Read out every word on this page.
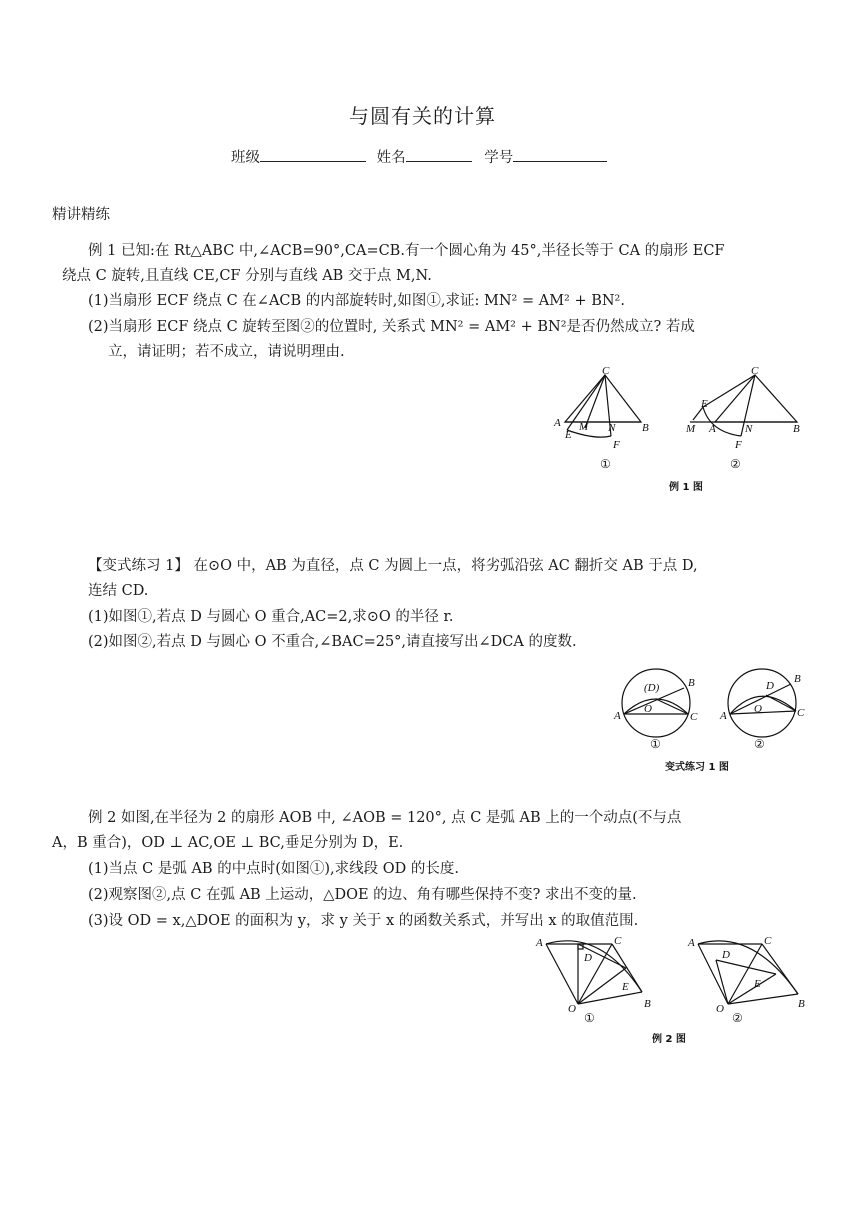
与圆有关的计算
班级	姓名	学号
精讲精练
例 1 已知:在 Rt△ABC 中,∠ACB=90°,CA=CB.有一个圆心角为 45°,半径长等于 CA 的扇形 ECF
绕点 C 旋转,且直线 CE,CF 分别与直线 AB 交于点 M,N.
(1)当扇形 ECF 绕点 C 在∠ACB 的内部旋转时,如图①,求证: MN² = AM² + BN².
(2)当扇形 ECF 绕点 C 旋转至图②的位置时, 关系式 MN² = AM² + BN²是否仍然成立? 若成
立，请证明；若不成立，请说明理由.
C
A
E
M N B
F
①
C
E
M A	N	B
F
②
例 1 图
【变式练习 1】 在⊙O 中，AB 为直径，点 C 为圆上一点，将劣弧沿弦 AC 翻折交 AB 于点 D,
连结 CD.
(1)如图①,若点 D 与圆心 O 重合,AC=2,求⊙O 的半径 r.
(2)如图②,若点 D 与圆心 O 不重合,∠BAC=25°,请直接写出∠DCA 的度数.
(D)
O
B
A	C
①
D
O
B
A	C
②
变式练习 1 图
例 2 如图,在半径为 2 的扇形 AOB 中, ∠AOB = 120°, 点 C 是弧 AB 上的一个动点(不与点
A，B 重合)，OD ⊥ AC,OE ⊥ BC,垂足分别为 D，E.
(1)当点 C 是弧 AB 的中点时(如图①),求线段 OD 的长度.
(2)观察图②,点 C 在弧 AB 上运动，△DOE 的边、角有哪些保持不变? 求出不变的量.
(3)设 OD = x,△DOE 的面积为 y，求 y 关于 x 的函数关系式，并写出 x 的取值范围.
A	C
D
E
B
O
①
A	C
D
E
B
O
②
例 2 图
